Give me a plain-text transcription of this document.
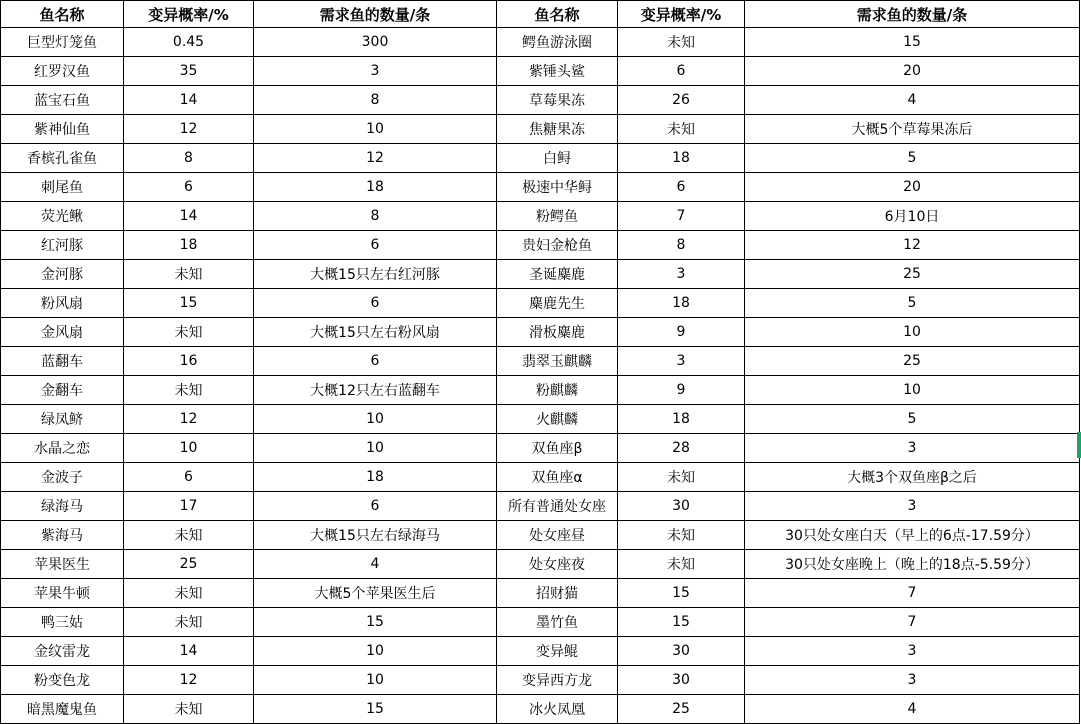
鱼名称	变异概率/%	需求鱼的数量/条	鱼名称	变异概率/%	需求鱼的数量/条
巨型灯笼鱼	0.45	300	鳄鱼游泳圈	未知	15
红罗汉鱼	35	3	紫锤头鲨	6	20
蓝宝石鱼	14	8	草莓果冻	26	4
紫神仙鱼	12	10	焦糖果冻	未知	大概5个草莓果冻后
香槟孔雀鱼	8	12	白鲟	18	5
刺尾鱼	6	18	极速中华鲟	6	20
荧光鳅	14	8	粉鳄鱼	7	6月10日
红河豚	18	6	贵妇金枪鱼	8	12
金河豚	未知	大概15只左右红河豚	圣诞麋鹿	3	25
粉风扇	15	6	麋鹿先生	18	5
金风扇	未知	大概15只左右粉风扇	滑板麋鹿	9	10
蓝翻车	16	6	翡翠玉麒麟	3	25
金翻车	未知	大概12只左右蓝翻车	粉麒麟	9	10
绿凤鲚	12	10	火麒麟	18	5
水晶之恋	10	10	双鱼座β	28	3
金波子	6	18	双鱼座α	未知	大概3个双鱼座β之后
绿海马	17	6	所有普通处女座	30	3
紫海马	未知	大概15只左右绿海马	处女座昼	未知	30只处女座白天（早上的6点-17.59分）
苹果医生	25	4	处女座夜	未知	30只处女座晚上（晚上的18点-5.59分）
苹果牛顿	未知	大概5个苹果医生后	招财猫	15	7
鸭三姑	未知	15	墨竹鱼	15	7
金纹雷龙	14	10	变异鲲	30	3
粉变色龙	12	10	变异西方龙	30	3
暗黑魔鬼鱼	未知	15	冰火凤凰	25	4
